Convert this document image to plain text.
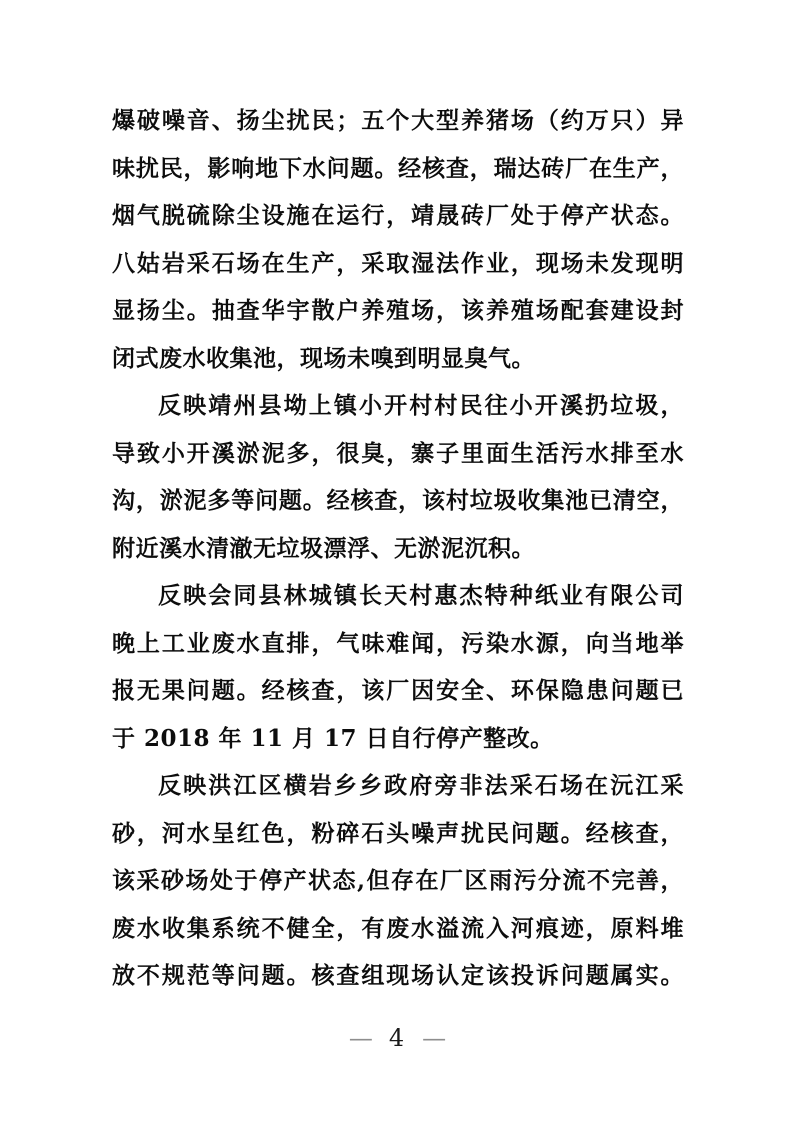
爆破噪音、扬尘扰民；五个大型养猪场（约万只）异
味扰民，影响地下水问题。经核查，瑞达砖厂在生产，
烟气脱硫除尘设施在运行，靖晟砖厂处于停产状态。
八姑岩采石场在生产，采取湿法作业，现场未发现明
显扬尘。抽查华宇散户养殖场，该养殖场配套建设封
闭式废水收集池，现场未嗅到明显臭气。
反映靖州县坳上镇小开村村民往小开溪扔垃圾，
导致小开溪淤泥多，很臭，寨子里面生活污水排至水
沟，淤泥多等问题。经核查，该村垃圾收集池已清空，
附近溪水清澈无垃圾漂浮、无淤泥沉积。
反映会同县林城镇长天村惠杰特种纸业有限公司
晚上工业废水直排，气味难闻，污染水源，向当地举
报无果问题。经核查，该厂因安全、环保隐患问题已
于 2018 年 11 月 17 日自行停产整改。
反映洪江区横岩乡乡政府旁非法采石场在沅江采
砂，河水呈红色，粉碎石头噪声扰民问题。经核查，
该采砂场处于停产状态,但存在厂区雨污分流不完善，
废水收集系统不健全，有废水溢流入河痕迹，原料堆
放不规范等问题。核查组现场认定该投诉问题属实。
— 4 —
